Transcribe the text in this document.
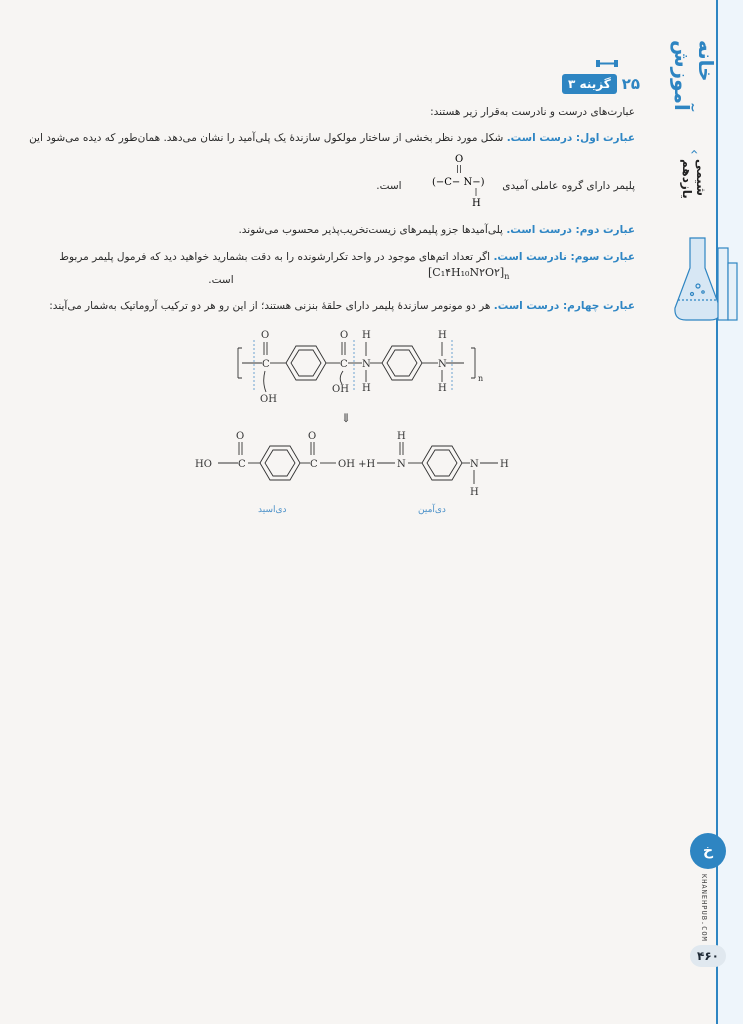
خانه آموزش
‹
شیمی یازدهم
گزینه ۳ ۲۵
عبارت‌های درست و نادرست به‌قرار زیر هستند:
عبارت اول: درست است. شکل مورد نظر بخشی از ساختار مولکول سازندهٔ یک پلی‌آمید را نشان می‌دهد. همان‌طور که دیده می‌شود این
پلیمر دارای گروه عاملی آمیدی  است.
O
(−C− N−)
H
عبارت دوم: درست است. پلی‌آمیدها جزو پلیمرهای زیست‌تخریب‌پذیر محسوب می‌شوند.
عبارت سوم: نادرست است. اگر تعداد اتم‌های موجود در واحد تکرارشونده را به دقت بشمارید خواهید دید که فرمول پلیمر مربوط
است.
$[C_1۴H_{10}N۲O۲]_n$
عبارت چهارم: درست است. هر دو مونومر سازندهٔ پلیمر دارای حلقهٔ بنزنی هستند؛ از این رو هر دو ترکیب آروماتیک به‌شمار می‌آیند:
O
C
O
C
H
N
H
H
N
H
OH
OH
n
⇓
HO
O
C
O
C OH +H
H
N	N H
H
دی‌اسید	دی‌آمین
خ
KHANEHPUB.COM
۴۶۰
